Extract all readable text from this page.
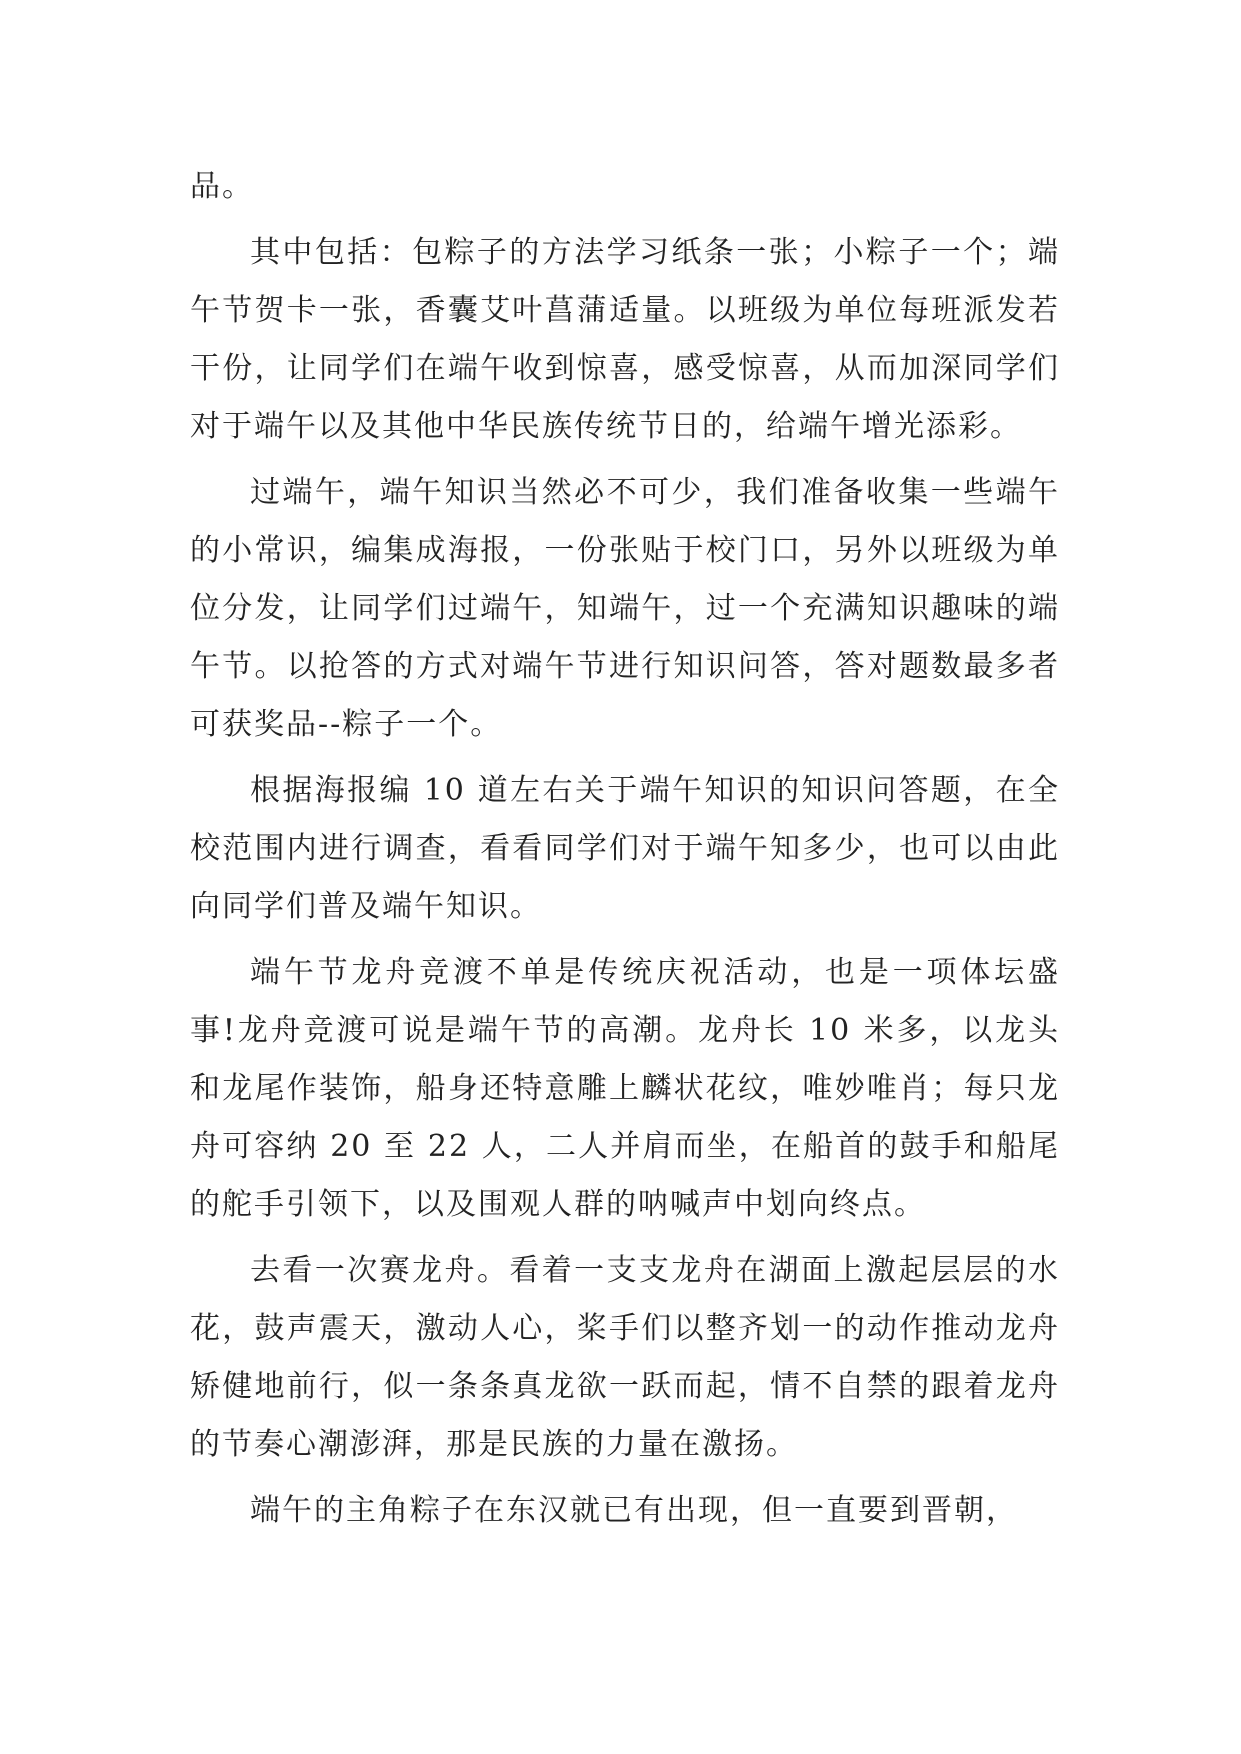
品。

其中包括：包粽子的方法学习纸条一张；小粽子一个；端午节贺卡一张，香囊艾叶菖蒲适量。以班级为单位每班派发若干份，让同学们在端午收到惊喜，感受惊喜，从而加深同学们对于端午以及其他中华民族传统节日的，给端午增光添彩。

过端午，端午知识当然必不可少，我们准备收集一些端午的小常识，编集成海报，一份张贴于校门口，另外以班级为单位分发，让同学们过端午，知端午，过一个充满知识趣味的端午节。以抢答的方式对端午节进行知识问答，答对题数最多者可获奖品--粽子一个。

根据海报编 10 道左右关于端午知识的知识问答题，在全校范围内进行调查，看看同学们对于端午知多少，也可以由此向同学们普及端午知识。

端午节龙舟竞渡不单是传统庆祝活动，也是一项体坛盛事!龙舟竞渡可说是端午节的高潮。龙舟长 10 米多，以龙头和龙尾作装饰，船身还特意雕上麟状花纹，唯妙唯肖；每只龙舟可容纳 20 至 22 人，二人并肩而坐，在船首的鼓手和船尾的舵手引领下，以及围观人群的呐喊声中划向终点。

去看一次赛龙舟。看着一支支龙舟在湖面上激起层层的水花，鼓声震天，激动人心，桨手们以整齐划一的动作推动龙舟矫健地前行，似一条条真龙欲一跃而起，情不自禁的跟着龙舟的节奏心潮澎湃，那是民族的力量在激扬。

端午的主角粽子在东汉就已有出现，但一直要到晋朝，
